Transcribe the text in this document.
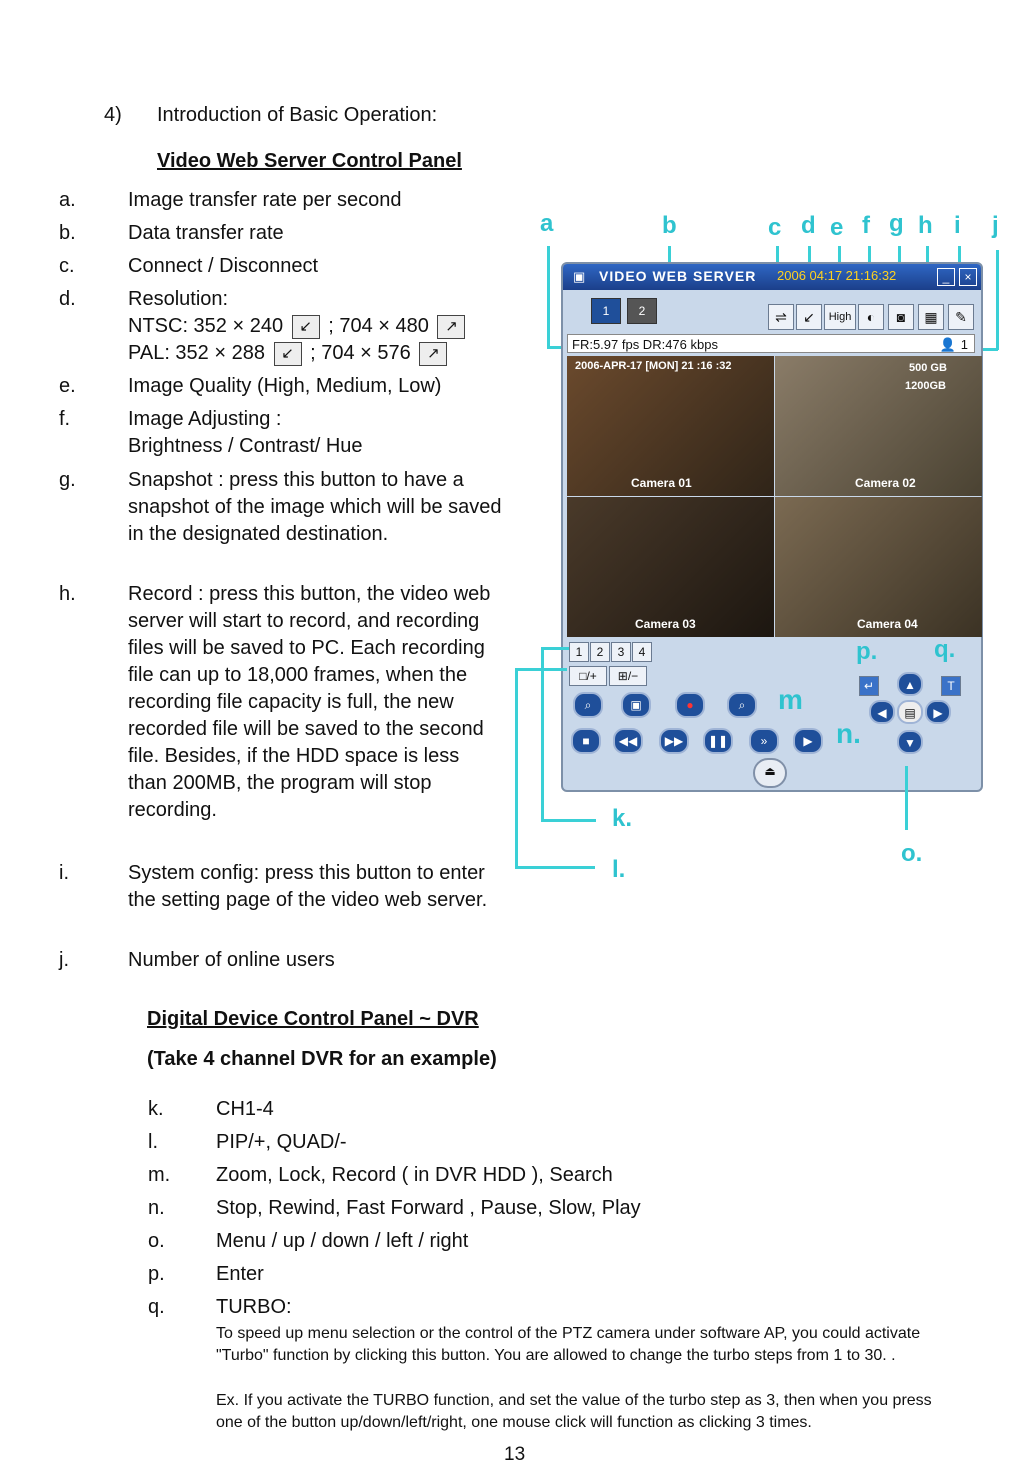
4) Introduction of Basic Operation:
Video Web Server Control Panel
a.	Image transfer rate per second
b.	Data transfer rate
c.	Connect / Disconnect
d.	Resolution:
NTSC: 352 × 240 ↙ ; 704 × 480 ↗
PAL: 352 × 288 ↙ ; 704 × 576 ↗
e.	Image Quality (High, Medium, Low)
f.	Image Adjusting :
Brightness / Contrast/ Hue
g.	Snapshot : press this button to have a snapshot of the image which will be saved in the designated destination.
h.	Record : press this button, the video web server will start to record, and recording files will be saved to PC. Each recording file can up to 18,000 frames, when the recording file capacity is full, the new recorded file will be saved to the second file. Besides, if the HDD space is less than 200MB, the program will stop recording.
i.	System config: press this button to enter the setting page of the video web server.
j.	Number of online users
a	b	c d e f g h i j
▣ VIDEO WEB SERVER 2006 04:17 21:16:32	_	×
1	2	⇌	↙	High	◐	◙	▦	✎
FR:5.97 fps DR:476 kbps	👤 1
2006-APR-17 [MON] 21 :16 :32
Camera 01
500 GB
1200GB
Camera 02
Camera 03	Camera 04
1	2	3	4
□/+	⊞/−
⌕	▣	●	⌕
■	◀◀	▶▶	❚❚	»	▶
⏏
↵	T
▲
▼
◀	▶
▤
p. q.
m
n.
k.
l.
o.
Digital Device Control Panel ~ DVR
(Take 4 channel DVR for an example)
k.	CH1-4
l.	PIP/+, QUAD/-
m. Zoom, Lock, Record ( in DVR HDD ), Search
n.	Stop, Rewind, Fast Forward , Pause, Slow, Play
o.	Menu / up / down / left / right
p.	Enter
q.	TURBO:
To speed up menu selection or the control of the PTZ camera under software AP, you could activate "Turbo" function by clicking this button. You are allowed to change the turbo steps from 1 to 30. .
Ex. If you activate the TURBO function, and set the value of the turbo step as 3, then when you press one of the button up/down/left/right, one mouse click will function as clicking 3 times.
13
